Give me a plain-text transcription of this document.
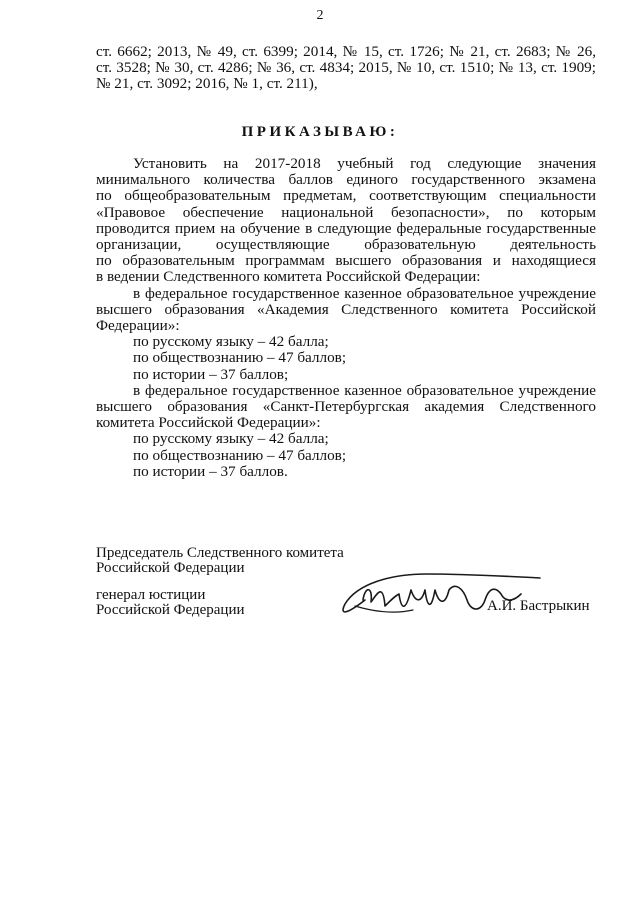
2
ст. 6662; 2013, № 49, ст. 6399; 2014, № 15, ст. 1726; № 21, ст. 2683; № 26,
ст. 3528; № 30, ст. 4286; № 36, ст. 4834; 2015, № 10, ст. 1510; № 13, ст. 1909;
№ 21, ст. 3092; 2016, № 1, ст. 211),
ПРИКАЗЫВАЮ:
Установить на 2017-2018 учебный год следующие значения
минимального количества баллов единого государственного экзамена
по общеобразовательным предметам, соответствующим специальности
«Правовое обеспечение национальной безопасности», по которым
проводится прием на обучение в следующие федеральные государственные
организации, осуществляющие образовательную деятельность
по образовательным программам высшего образования и находящиеся
в ведении Следственного комитета Российской Федерации:
в федеральное государственное казенное образовательное учреждение
высшего образования «Академия Следственного комитета Российской
Федерации»:
по русскому языку – 42 балла;
по обществознанию – 47 баллов;
по истории – 37 баллов;
в федеральное государственное казенное образовательное учреждение
высшего образования «Санкт-Петербургская академия Следственного
комитета Российской Федерации»:
по русскому языку – 42 балла;
по обществознанию – 47 баллов;
по истории – 37 баллов.
Председатель Следственного комитета
Российской Федерации
генерал юстиции
Российской Федерации	А.И. Бастрыкин
